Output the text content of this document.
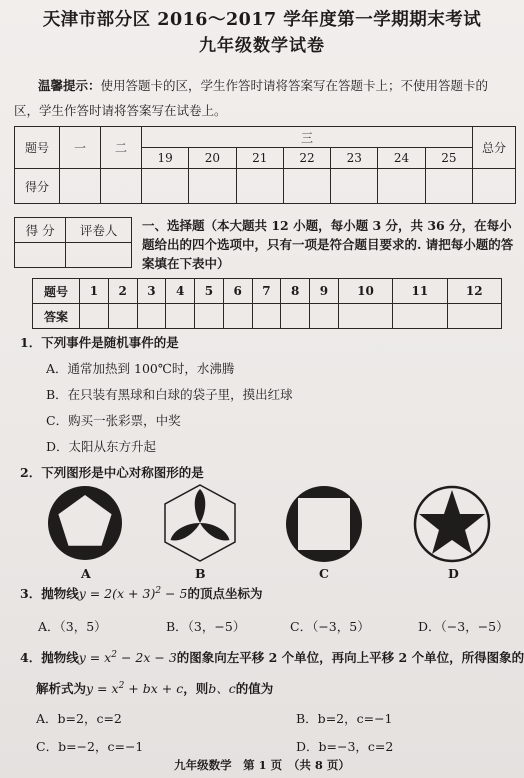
天津市部分区 2016～2017 学年度第一学期期末考试
九年级数学试卷
温馨提示：使用答题卡的区，学生作答时请将答案写在答题卡上；不使用答题卡的区，学生作答时请将答案写在试卷上。
题号	一	二	三							总分
			19	20	21	22	23	24	25	
得分										
得 分	评卷人
	一、选择题（本大题共 12 小题，每小题 3 分，共 36 分，在每小题给出的四个选项中，只有一项是符合题目要求的. 请把每小题的答案填在下表中）
题号	1	2	3	4	5	6	7	8	9	10	11	12
答案												
1．下列事件是随机事件的是
A．通常加热到 100℃时，水沸腾
B．在只装有黑球和白球的袋子里，摸出红球
C．购买一张彩票，中奖
D．太阳从东方升起
2．下列图形是中心对称图形的是
A	B	C	D
3．抛物线$y = 2(x + 3)^2 - 5$的顶点坐标为
A．（3，5）	B．（3，−5）	C．（−3，5）	D．（−3，−5）
4．抛物线$y = x^2 - 2x - 3$的图象向左平移 2 个单位，再向上平移 2 个单位，所得图象的
解析式为$y = x^2$ + bx + c，则b、c的值为
A．b=2，c=2	B．b=2，c=−1
C．b=−2，c=−1	D．b=−3，c=2
九年级数学　第 1 页　（共 8 页）
